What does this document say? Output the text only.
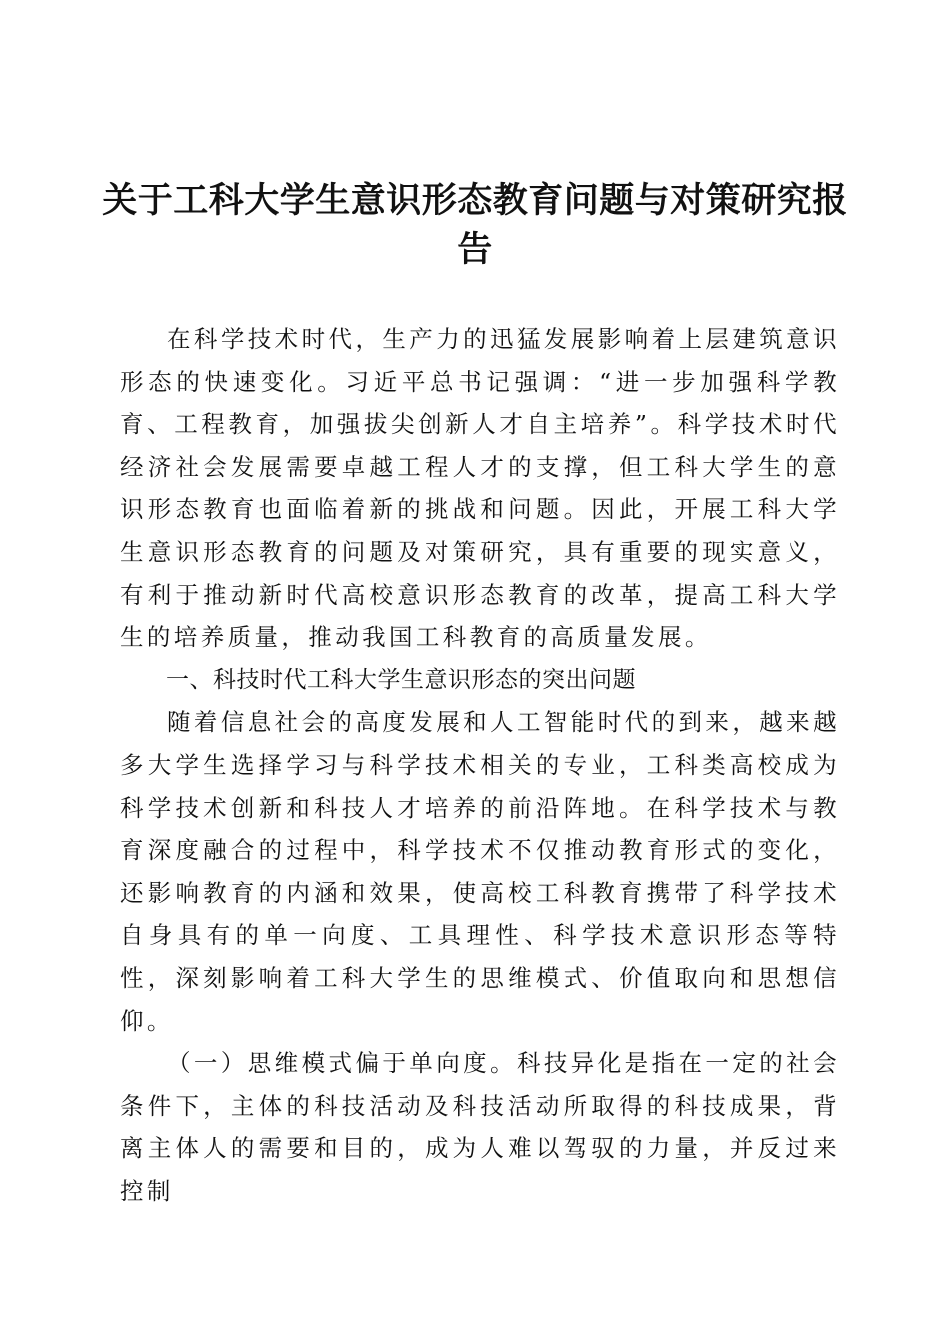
关于工科大学生意识形态教育问题与对策研究报告

在科学技术时代，生产力的迅猛发展影响着上层建筑意识形态的快速变化。习近平总书记强调：“进一步加强科学教育、工程教育，加强拔尖创新人才自主培养”。科学技术时代经济社会发展需要卓越工程人才的支撑，但工科大学生的意识形态教育也面临着新的挑战和问题。因此，开展工科大学生意识形态教育的问题及对策研究，具有重要的现实意义，有利于推动新时代高校意识形态教育的改革，提高工科大学生的培养质量，推动我国工科教育的高质量发展。

一、科技时代工科大学生意识形态的突出问题

随着信息社会的高度发展和人工智能时代的到来，越来越多大学生选择学习与科学技术相关的专业，工科类高校成为科学技术创新和科技人才培养的前沿阵地。在科学技术与教育深度融合的过程中，科学技术不仅推动教育形式的变化，还影响教育的内涵和效果，使高校工科教育携带了科学技术自身具有的单一向度、工具理性、科学技术意识形态等特性，深刻影响着工科大学生的思维模式、价值取向和思想信仰。

（一）思维模式偏于单向度。科技异化是指在一定的社会条件下，主体的科技活动及科技活动所取得的科技成果，背离主体人的需要和目的，成为人难以驾驭的力量，并反过来控制
